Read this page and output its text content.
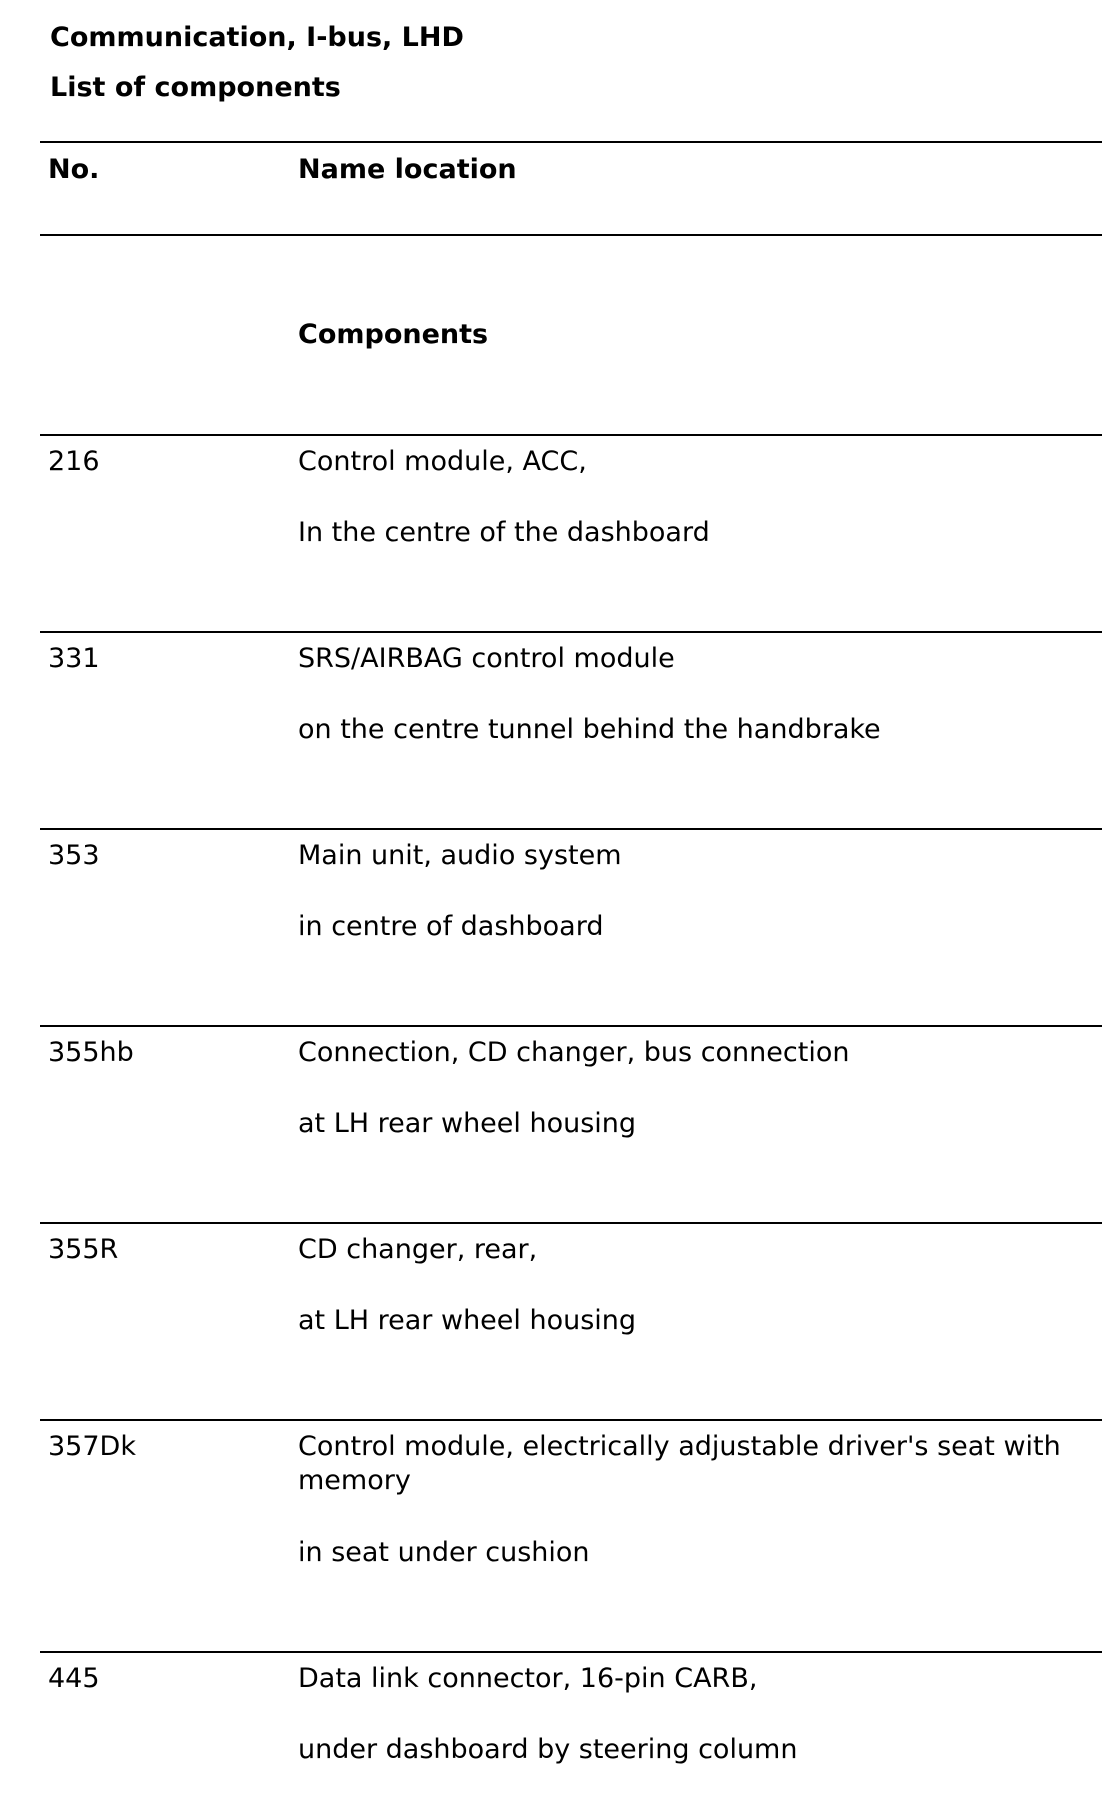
Communication, I-bus, LHD
List of components
No.	Name location
Components
216	Control module, ACC,
In the centre of the dashboard
331	SRS/AIRBAG control module
on the centre tunnel behind the handbrake
353	Main unit, audio system
in centre of dashboard
355hb	Connection, CD changer, bus connection
at LH rear wheel housing
355R	CD changer, rear,
at LH rear wheel housing
357Dk	Control module, electrically adjustable driver's seat with memory
in seat under cushion
445	Data link connector, 16-pin CARB,
under dashboard by steering column
